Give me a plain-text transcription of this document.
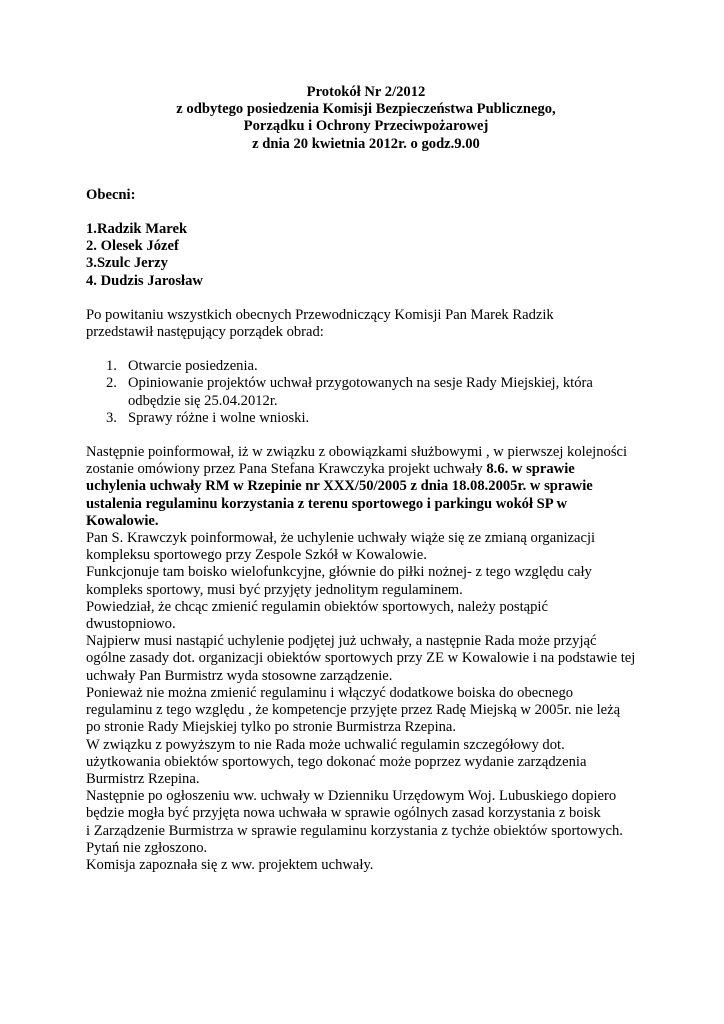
Protokół Nr 2/2012
z odbytego posiedzenia Komisji Bezpieczeństwa Publicznego,
Porządku i Ochrony Przeciwpożarowej
z dnia 20 kwietnia 2012r. o godz.9.00
Obecni:
1.Radzik Marek
2. Olesek Józef
3.Szulc Jerzy
4. Dudzis Jarosław
Po powitaniu wszystkich obecnych Przewodniczący Komisji Pan Marek Radzik
przedstawił następujący porządek obrad:
1. Otwarcie posiedzenia.
2. Opiniowanie projektów uchwał przygotowanych na sesje Rady Miejskiej, która
odbędzie się 25.04.2012r.
3. Sprawy różne i wolne wnioski.
Następnie poinformował, iż w związku z obowiązkami służbowymi , w pierwszej kolejności
zostanie omówiony przez Pana Stefana Krawczyka projekt uchwały 8.6. w sprawie
uchylenia uchwały RM w Rzepinie nr XXX/50/2005 z dnia 18.08.2005r. w sprawie
ustalenia regulaminu korzystania z terenu sportowego i parkingu wokół SP w
Kowalowie.
Pan S. Krawczyk poinformował, że uchylenie uchwały wiąże się ze zmianą organizacji
kompleksu sportowego przy Zespole Szkół w Kowalowie.
Funkcjonuje tam boisko wielofunkcyjne, głównie do piłki nożnej- z tego względu cały
kompleks sportowy, musi być przyjęty jednolitym regulaminem.
Powiedział, że chcąc zmienić regulamin obiektów sportowych, należy postąpić
dwustopniowo.
Najpierw musi nastąpić uchylenie podjętej już uchwały, a następnie Rada może przyjąć
ogólne zasady dot. organizacji obiektów sportowych przy ZE w Kowalowie i na podstawie tej
uchwały Pan Burmistrz wyda stosowne zarządzenie.
Ponieważ nie można zmienić regulaminu i włączyć dodatkowe boiska do obecnego
regulaminu z tego względu , że kompetencje przyjęte przez Radę Miejską w 2005r. nie leżą
po stronie Rady Miejskiej tylko po stronie Burmistrza Rzepina.
W związku z powyższym to nie Rada może uchwalić regulamin szczegółowy dot.
użytkowania obiektów sportowych, tego dokonać może poprzez wydanie zarządzenia
Burmistrz Rzepina.
Następnie po ogłoszeniu ww. uchwały w Dzienniku Urzędowym Woj. Lubuskiego dopiero
będzie mogła być przyjęta nowa uchwała w sprawie ogólnych zasad korzystania z boisk
i Zarządzenie Burmistrza w sprawie regulaminu korzystania z tychże obiektów sportowych.
Pytań nie zgłoszono.
Komisja zapoznała się z ww. projektem uchwały.
